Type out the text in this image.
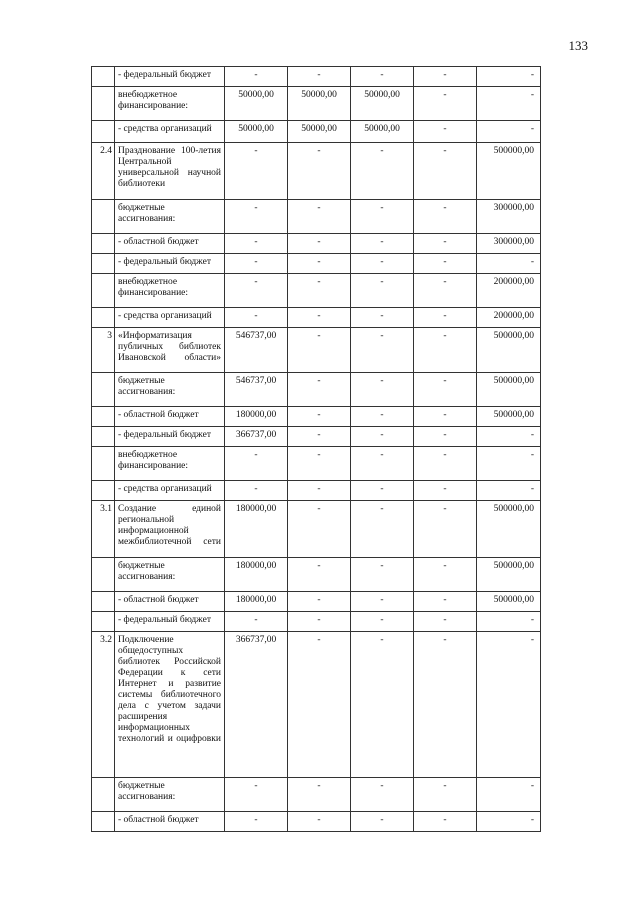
133
	- федеральный бюджет	-	-	-	-	-
	внебюджетное финансирование:	50000,00	50000,00	50000,00	-	-
	- средства организаций	50000,00	50000,00	50000,00	-	-
2.4	Празднование 100-летия Центральной универсальной научной библиотеки	-	-	-	-	500000,00
	бюджетные ассигнования:	-	-	-	-	300000,00
	- областной бюджет	-	-	-	-	300000,00
	- федеральный бюджет	-	-	-	-	-
	внебюджетное финансирование:	-	-	-	-	200000,00
	- средства организаций	-	-	-	-	200000,00
3	«Информатизация публичных библиотек Ивановской области»	546737,00	-	-	-	500000,00
	бюджетные ассигнования:	546737,00	-	-	-	500000,00
	- областной бюджет	180000,00	-	-	-	500000,00
	- федеральный бюджет	366737,00	-	-	-	-
	внебюджетное финансирование:	-	-	-	-	-
	- средства организаций	-	-	-	-	-
3.1	Создание единой региональной информационной межбиблиотечной сети	180000,00	-	-	-	500000,00
	бюджетные ассигнования:	180000,00	-	-	-	500000,00
	- областной бюджет	180000,00	-	-	-	500000,00
	- федеральный бюджет	-	-	-	-	-
3.2	Подключение общедоступных библиотек Российской Федерации к сети Интернет и развитие системы библиотечного дела с учетом задачи расширения информационных технологий и оцифровки	366737,00	-	-	-	-
	бюджетные ассигнования:	-	-	-	-	-
	- областной бюджет	-	-	-	-	-
